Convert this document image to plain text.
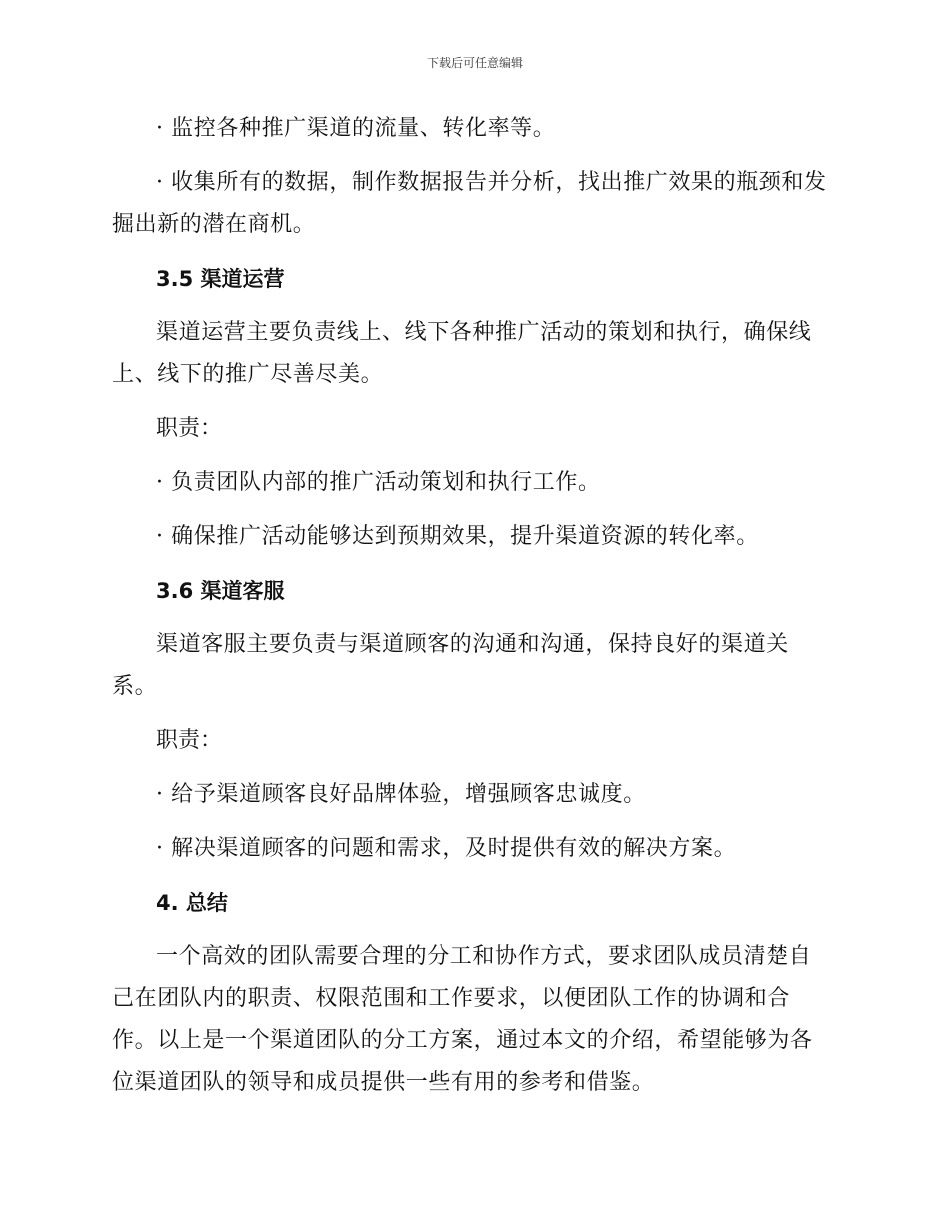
下载后可任意编辑

· 监控各种推广渠道的流量、转化率等。

· 收集所有的数据，制作数据报告并分析，找出推广效果的瓶颈和发掘出新的潜在商机。

3.5 渠道运营

渠道运营主要负责线上、线下各种推广活动的策划和执行，确保线上、线下的推广尽善尽美。

职责：

· 负责团队内部的推广活动策划和执行工作。

· 确保推广活动能够达到预期效果，提升渠道资源的转化率。

3.6 渠道客服

渠道客服主要负责与渠道顾客的沟通和沟通，保持良好的渠道关系。

职责：

· 给予渠道顾客良好品牌体验，增强顾客忠诚度。

· 解决渠道顾客的问题和需求，及时提供有效的解决方案。

4. 总结

一个高效的团队需要合理的分工和协作方式，要求团队成员清楚自己在团队内的职责、权限范围和工作要求，以便团队工作的协调和合作。以上是一个渠道团队的分工方案，通过本文的介绍，希望能够为各位渠道团队的领导和成员提供一些有用的参考和借鉴。
